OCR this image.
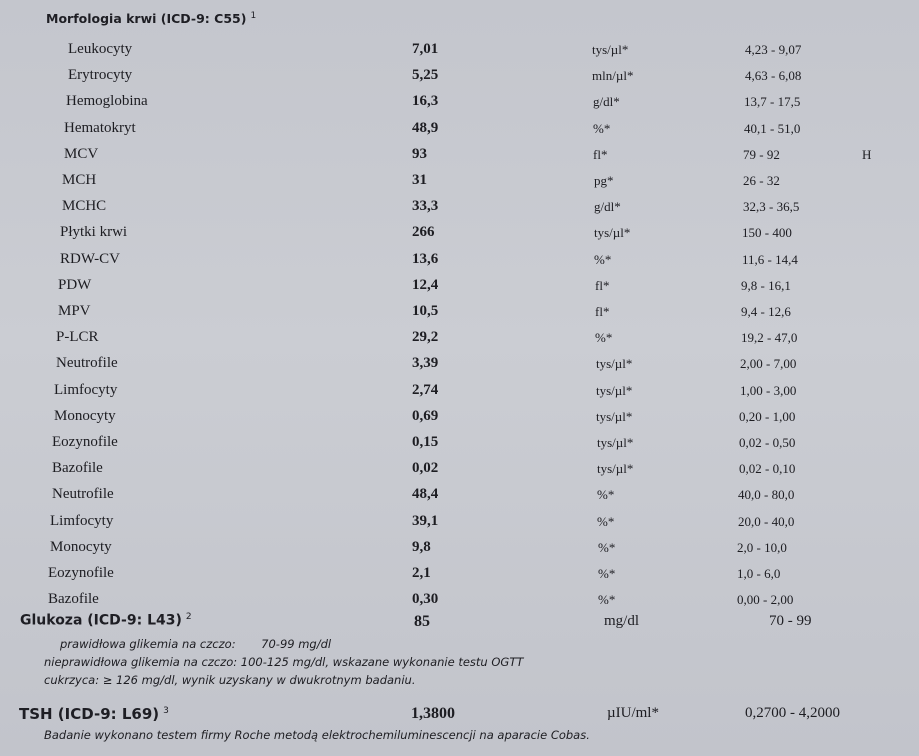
Morfologia krwi (ICD-9: C55) $^1$
Leukocyty	7,01	tys/µl*	4,23 - 9,07
Erytrocyty	5,25	mln/µl*	4,63 - 6,08
Hemoglobina	16,3	g/dl*	13,7 - 17,5
Hematokryt	48,9	%*	40,1 - 51,0
MCV	93	fl*	79 - 92	H
MCH	31	pg*	26 - 32
MCHC	33,3	g/dl*	32,3 - 36,5
Płytki krwi	266	tys/µl*	150 - 400
RDW-CV	13,6	%*	11,6 - 14,4
PDW	12,4	fl*	9,8 - 16,1
MPV	10,5	fl*	9,4 - 12,6
P-LCR	29,2	%*	19,2 - 47,0
Neutrofile	3,39	tys/µl*	2,00 - 7,00
Limfocyty	2,74	tys/µl*	1,00 - 3,00
Monocyty	0,69	tys/µl*	0,20 - 1,00
Eozynofile	0,15	tys/µl*	0,02 - 0,50
Bazofile	0,02	tys/µl*	0,02 - 0,10
Neutrofile	48,4	%*	40,0 - 80,0
Limfocyty	39,1	%*	20,0 - 40,0
Monocyty	9,8	%*	2,0 - 10,0
Eozynofile	2,1	%*	1,0 - 6,0
Bazofile	0,30	%*	0,00 - 2,00
Glukoza (ICD-9: L43) $^2$	85	mg/dl	70 - 99
prawidłowa glikemia na czczo:       70-99 mg/dl
nieprawidłowa glikemia na czczo: 100-125 mg/dl, wskazane wykonanie testu OGTT
cukrzyca: ≥ 126 mg/dl, wynik uzyskany w dwukrotnym badaniu.
TSH (ICD-9: L69) $^3$	1,3800	µIU/ml*	0,2700 - 4,2000
Badanie wykonano testem firmy Roche metodą elektrochemiluminescencji na aparacie Cobas.
